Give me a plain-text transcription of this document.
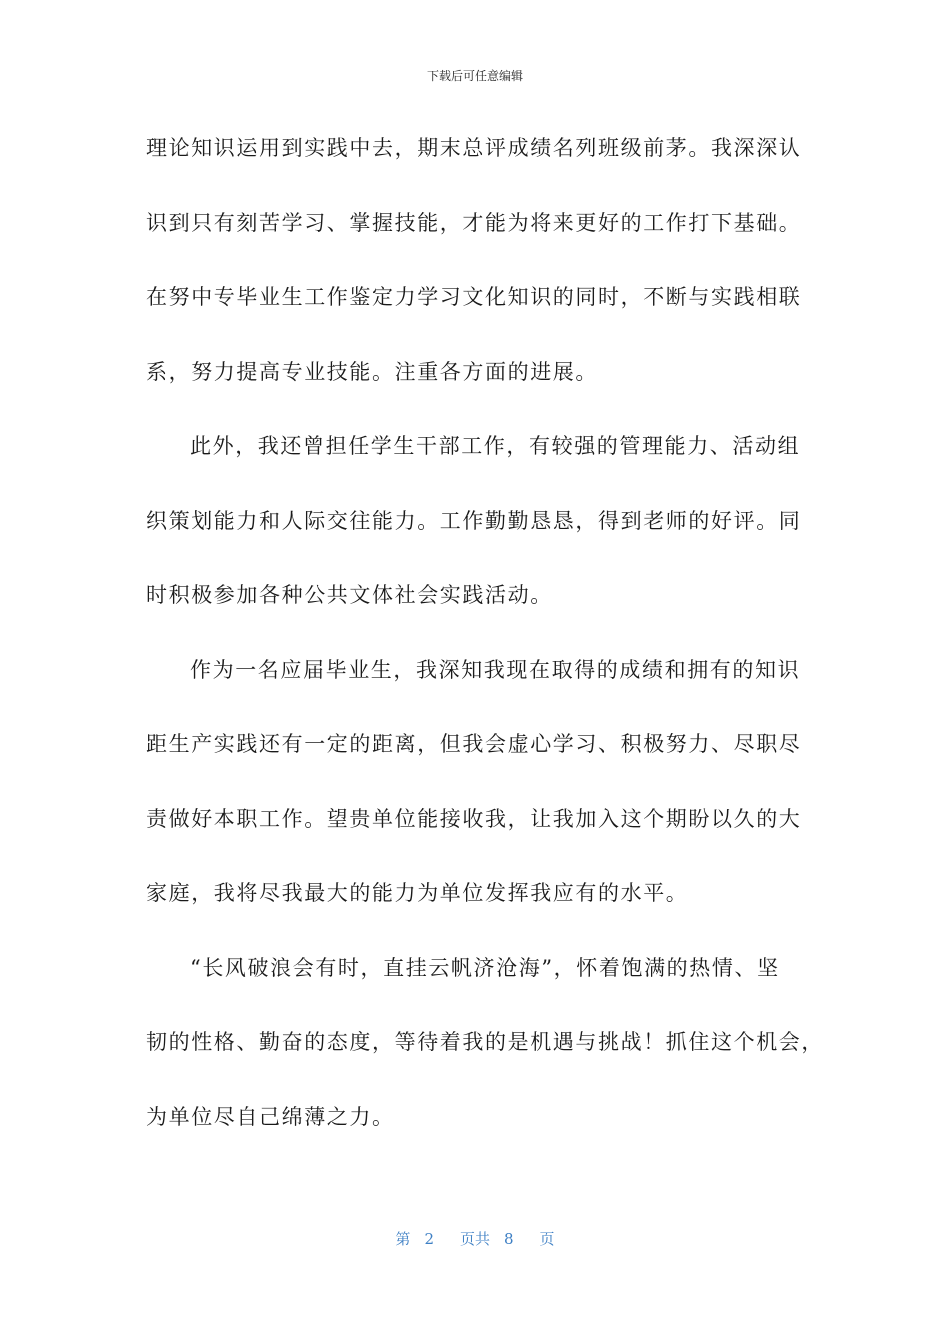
下载后可任意编辑
理论知识运用到实践中去，期末总评成绩名列班级前茅。我深深认
识到只有刻苦学习、掌握技能，才能为将来更好的工作打下基础。
在努中专毕业生工作鉴定力学习文化知识的同时，不断与实践相联
系，努力提高专业技能。注重各方面的进展。
此外，我还曾担任学生干部工作，有较强的管理能力、活动组
织策划能力和人际交往能力。工作勤勤恳恳，得到老师的好评。同
时积极参加各种公共文体社会实践活动。
作为一名应届毕业生，我深知我现在取得的成绩和拥有的知识
距生产实践还有一定的距离，但我会虚心学习、积极努力、尽职尽
责做好本职工作。望贵单位能接收我，让我加入这个期盼以久的大
家庭，我将尽我最大的能力为单位发挥我应有的水平。
“长风破浪会有时，直挂云帆济沧海”，怀着饱满的热情、坚
韧的性格、勤奋的态度，等待着我的是机遇与挑战！抓住这个机会，
为单位尽自己绵薄之力。
第 2 页共 8 页
